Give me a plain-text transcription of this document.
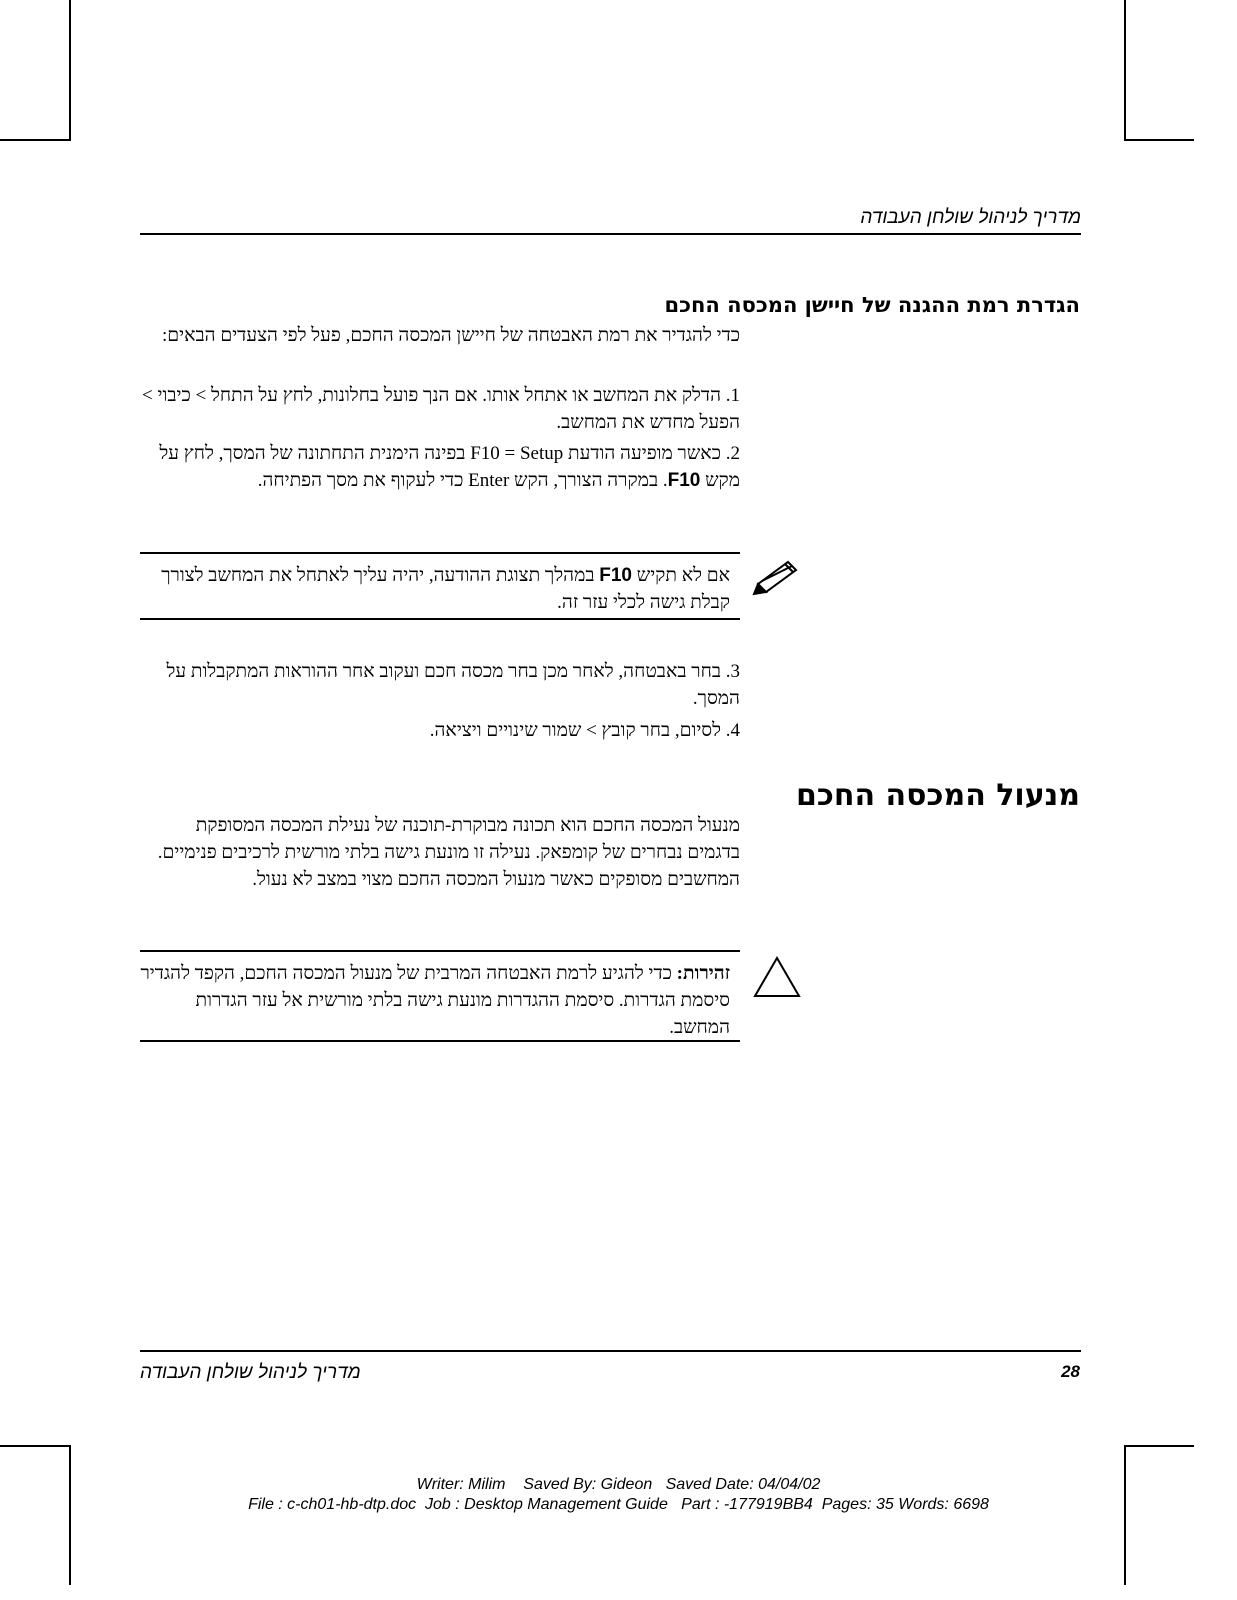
מדריך לניהול שולחן העבודה
הגדרת רמת ההגנה של חיישן המכסה החכם

כדי להגדיר את רמת האבטחה של חיישן המכסה החכם, פעל לפי הצעדים הבאים:

1. הדלק את המחשב או אתחל אותו. אם הנך פועל בחלונות, לחץ על התחל > כיבוי > הפעל מחדש את המחשב.
2. כאשר מופיעה הודעת F10 = Setup בפינה הימנית התחתונה של המסך, לחץ על מקש F10. במקרה הצורך, הקש Enter כדי לעקוף את מסך הפתיחה.
אם לא תקיש F10 במהלך תצוגת ההודעה, יהיה עליך לאתחל את המחשב לצורך קבלת גישה לכלי עזר זה.
3. בחר באבטחה, לאחר מכן בחר מכסה חכם ועקוב אחר ההוראות המתקבלות על המסך.
4. לסיום, בחר קובץ > שמור שינויים ויציאה.
מנעול המכסה החכם

מנעול המכסה החכם הוא תכונה מבוקרת-תוכנה של נעילת המכסה המסופקת בדגמים נבחרים של קומפאק. נעילה זו מונעת גישה בלתי מורשית לרכיבים פנימיים. המחשבים מסופקים כאשר מנעול המכסה החכם מצוי במצב לא נעול.

זהירות: כדי להגיע לרמת האבטחה המרבית של מנעול המכסה החכם, הקפד להגדיר סיסמת הגדרות. סיסמת ההגדרות מונעת גישה בלתי מורשית אל עזר הגדרות המחשב.
מדריך לניהול שולחן העבודה	28
Writer: Milim    Saved By: Gideon   Saved Date: 04/04/02
File : c-ch01-hb-dtp.doc  Job : Desktop Management Guide   Part : -177919BB4  Pages: 35 Words: 6698
